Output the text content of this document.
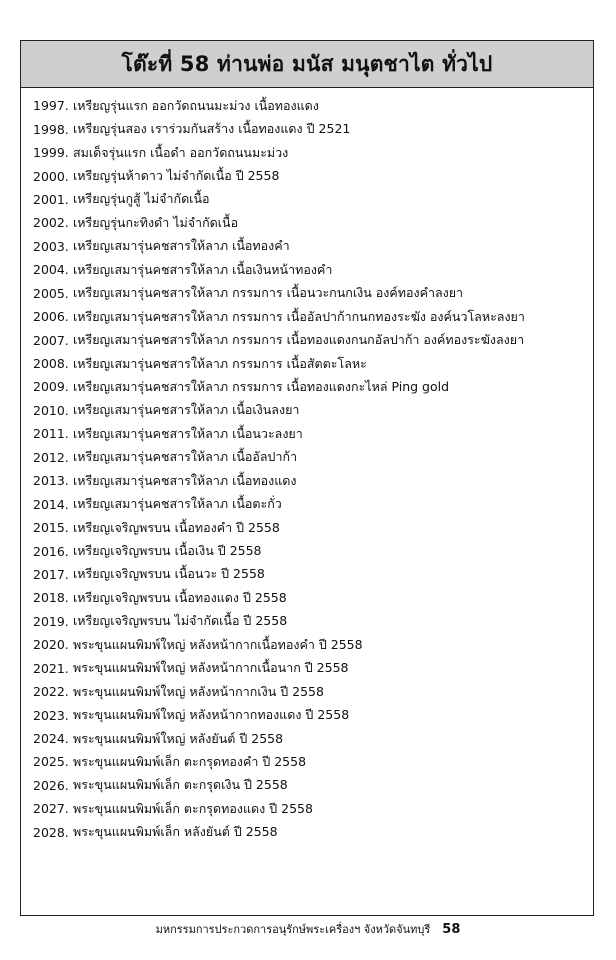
โต๊ะที่ 58 ท่านพ่อ มนัส มนุตชาไต ทั่วไป
1997. เหรียญรุ่นแรก ออกวัดถนนมะม่วง เนื้อทองแดง
1998. เหรียญรุ่นสอง เราร่วมกันสร้าง เนื้อทองแดง ปี 2521
1999. สมเด็จรุ่นแรก เนื้อดำ ออกวัดถนนมะม่วง
2000. เหรียญรุ่นห้าดาว ไม่จำกัดเนื้อ ปี 2558
2001. เหรียญรุ่นกูสู้ ไม่จำกัดเนื้อ
2002. เหรียญรุ่นกะทิงดำ ไม่จำกัดเนื้อ
2003. เหรียญเสมารุ่นคชสารให้ลาภ เนื้อทองคำ
2004. เหรียญเสมารุ่นคชสารให้ลาภ เนื้อเงินหน้าทองคำ
2005. เหรียญเสมารุ่นคชสารให้ลาภ กรรมการ เนื้อนวะกนกเงิน องค์ทองคำลงยา
2006. เหรียญเสมารุ่นคชสารให้ลาภ กรรมการ เนื้ออัลปาก้ากนกทองระฆัง องค์นวโลหะลงยา
2007. เหรียญเสมารุ่นคชสารให้ลาภ กรรมการ เนื้อทองแดงกนกอัลปาก้า องค์ทองระฆังลงยา
2008. เหรียญเสมารุ่นคชสารให้ลาภ กรรมการ เนื้อสัตตะโลหะ
2009. เหรียญเสมารุ่นคชสารให้ลาภ กรรมการ เนื้อทองแดงกะไหล่ Ping gold
2010. เหรียญเสมารุ่นคชสารให้ลาภ เนื้อเงินลงยา
2011. เหรียญเสมารุ่นคชสารให้ลาภ เนื้อนวะลงยา
2012. เหรียญเสมารุ่นคชสารให้ลาภ เนื้ออัลปาก้า
2013. เหรียญเสมารุ่นคชสารให้ลาภ เนื้อทองแดง
2014. เหรียญเสมารุ่นคชสารให้ลาภ เนื้อตะกั่ว
2015. เหรียญเจริญพรบน เนื้อทองคำ ปี 2558
2016. เหรียญเจริญพรบน เนื้อเงิน ปี 2558
2017. เหรียญเจริญพรบน เนื้อนวะ ปี 2558
2018. เหรียญเจริญพรบน เนื้อทองแดง ปี 2558
2019. เหรียญเจริญพรบน ไม่จำกัดเนื้อ ปี 2558
2020. พระขุนแผนพิมพ์ใหญ่ หลังหน้ากากเนื้อทองคำ ปี 2558
2021. พระขุนแผนพิมพ์ใหญ่ หลังหน้ากากเนื้อนาก ปี 2558
2022. พระขุนแผนพิมพ์ใหญ่ หลังหน้ากากเงิน ปี 2558
2023. พระขุนแผนพิมพ์ใหญ่ หลังหน้ากากทองแดง ปี 2558
2024. พระขุนแผนพิมพ์ใหญ่ หลังยันต์ ปี 2558
2025. พระขุนแผนพิมพ์เล็ก ตะกรุดทองคำ ปี 2558
2026. พระขุนแผนพิมพ์เล็ก ตะกรุดเงิน ปี 2558
2027. พระขุนแผนพิมพ์เล็ก ตะกรุดทองแดง ปี 2558
2028. พระขุนแผนพิมพ์เล็ก หลังยันต์ ปี 2558
มหกรรมการประกวดการอนุรักษ์พระเครื่องฯ จังหวัดจันทบุรี 58
